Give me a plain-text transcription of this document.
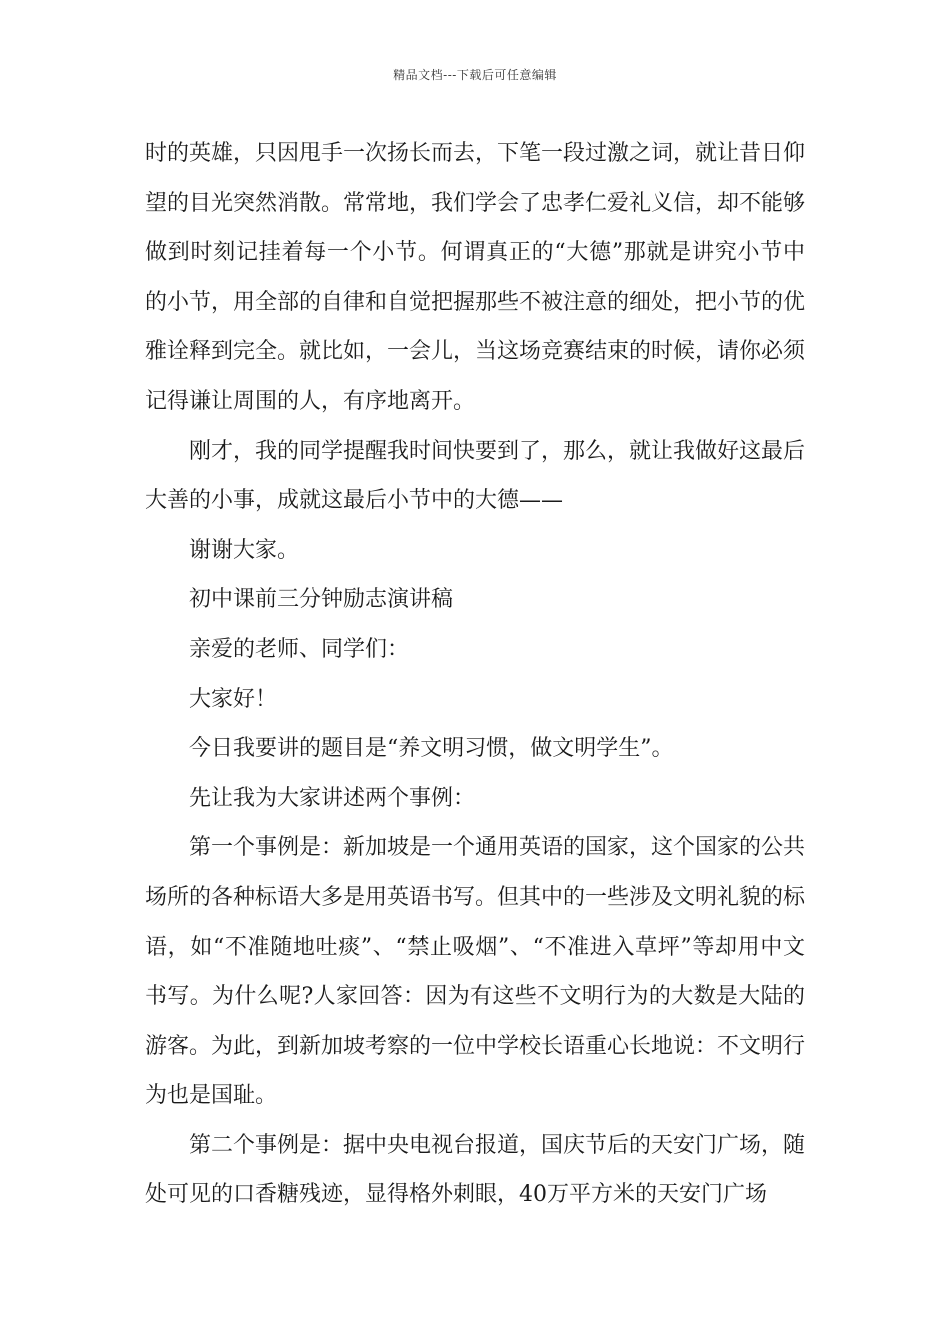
精品文档---下载后可任意编辑

时的英雄，只因甩手一次扬长而去，下笔一段过激之词，就让昔日仰望的目光突然消散。常常地，我们学会了忠孝仁爱礼义信，却不能够做到时刻记挂着每一个小节。何谓真正的“大德”那就是讲究小节中的小节，用全部的自律和自觉把握那些不被注意的细处，把小节的优雅诠释到完全。就比如，一会儿，当这场竞赛结束的时候，请你必须记得谦让周围的人，有序地离开。

刚才，我的同学提醒我时间快要到了，那么，就让我做好这最后大善的小事，成就这最后小节中的大德——

谢谢大家。

初中课前三分钟励志演讲稿

亲爱的老师、同学们：

大家好！

今日我要讲的题目是“养文明习惯，做文明学生”。

先让我为大家讲述两个事例：

第一个事例是：新加坡是一个通用英语的国家，这个国家的公共场所的各种标语大多是用英语书写。但其中的一些涉及文明礼貌的标语，如“不准随地吐痰”、“禁止吸烟”、“不准进入草坪”等却用中文书写。为什么呢?人家回答：因为有这些不文明行为的大数是大陆的游客。为此，到新加坡考察的一位中学校长语重心长地说：不文明行为也是国耻。

第二个事例是：据中央电视台报道，国庆节后的天安门广场，随处可见的口香糖残迹，显得格外刺眼，40万平方米的天安门广场
